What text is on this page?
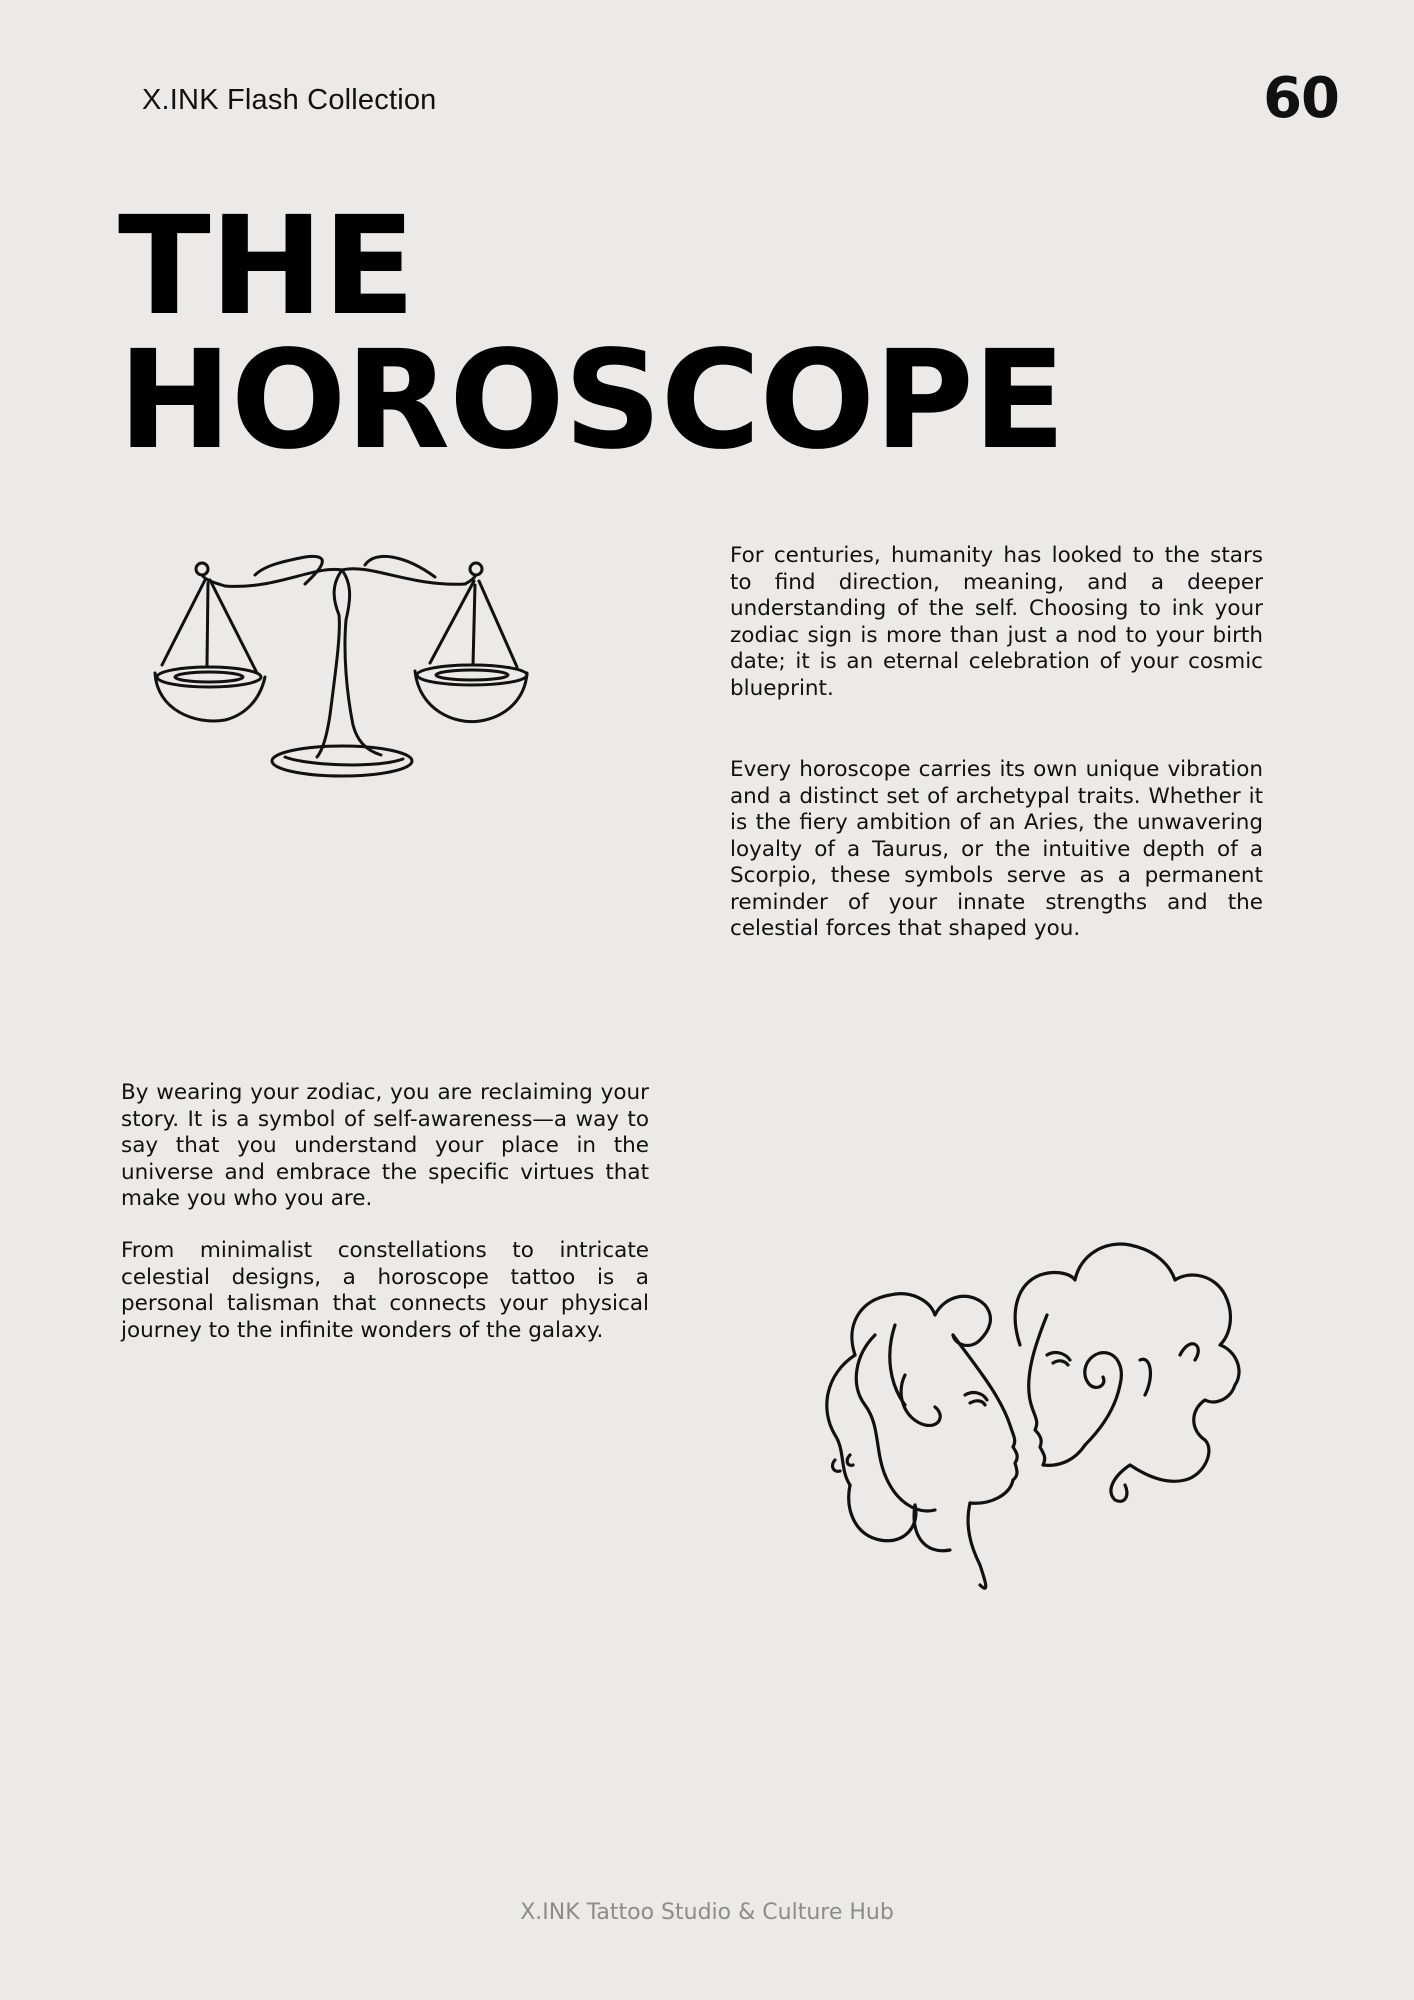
X.INK Flash Collection	60
THE
HOROSCOPE

For centuries, humanity has looked to the stars to find direction, meaning, and a deeper understanding of the self. Choosing to ink your zodiac sign is more than just a nod to your birth date; it is an eternal celebration of your cosmic blueprint.

Every horoscope carries its own unique vibration and a distinct set of archetypal traits. Whether it is the fiery ambition of an Aries, the unwavering loyalty of a Taurus, or the intuitive depth of a Scorpio, these symbols serve as a permanent reminder of your innate strengths and the celestial forces that shaped you.

By wearing your zodiac, you are reclaiming your story. It is a symbol of self-awareness—a way to say that you understand your place in the universe and embrace the specific virtues that make you who you are.

From minimalist constellations to intricate celestial designs, a horoscope tattoo is a personal talisman that connects your physical journey to the infinite wonders of the galaxy.

X.INK Tattoo Studio & Culture Hub
